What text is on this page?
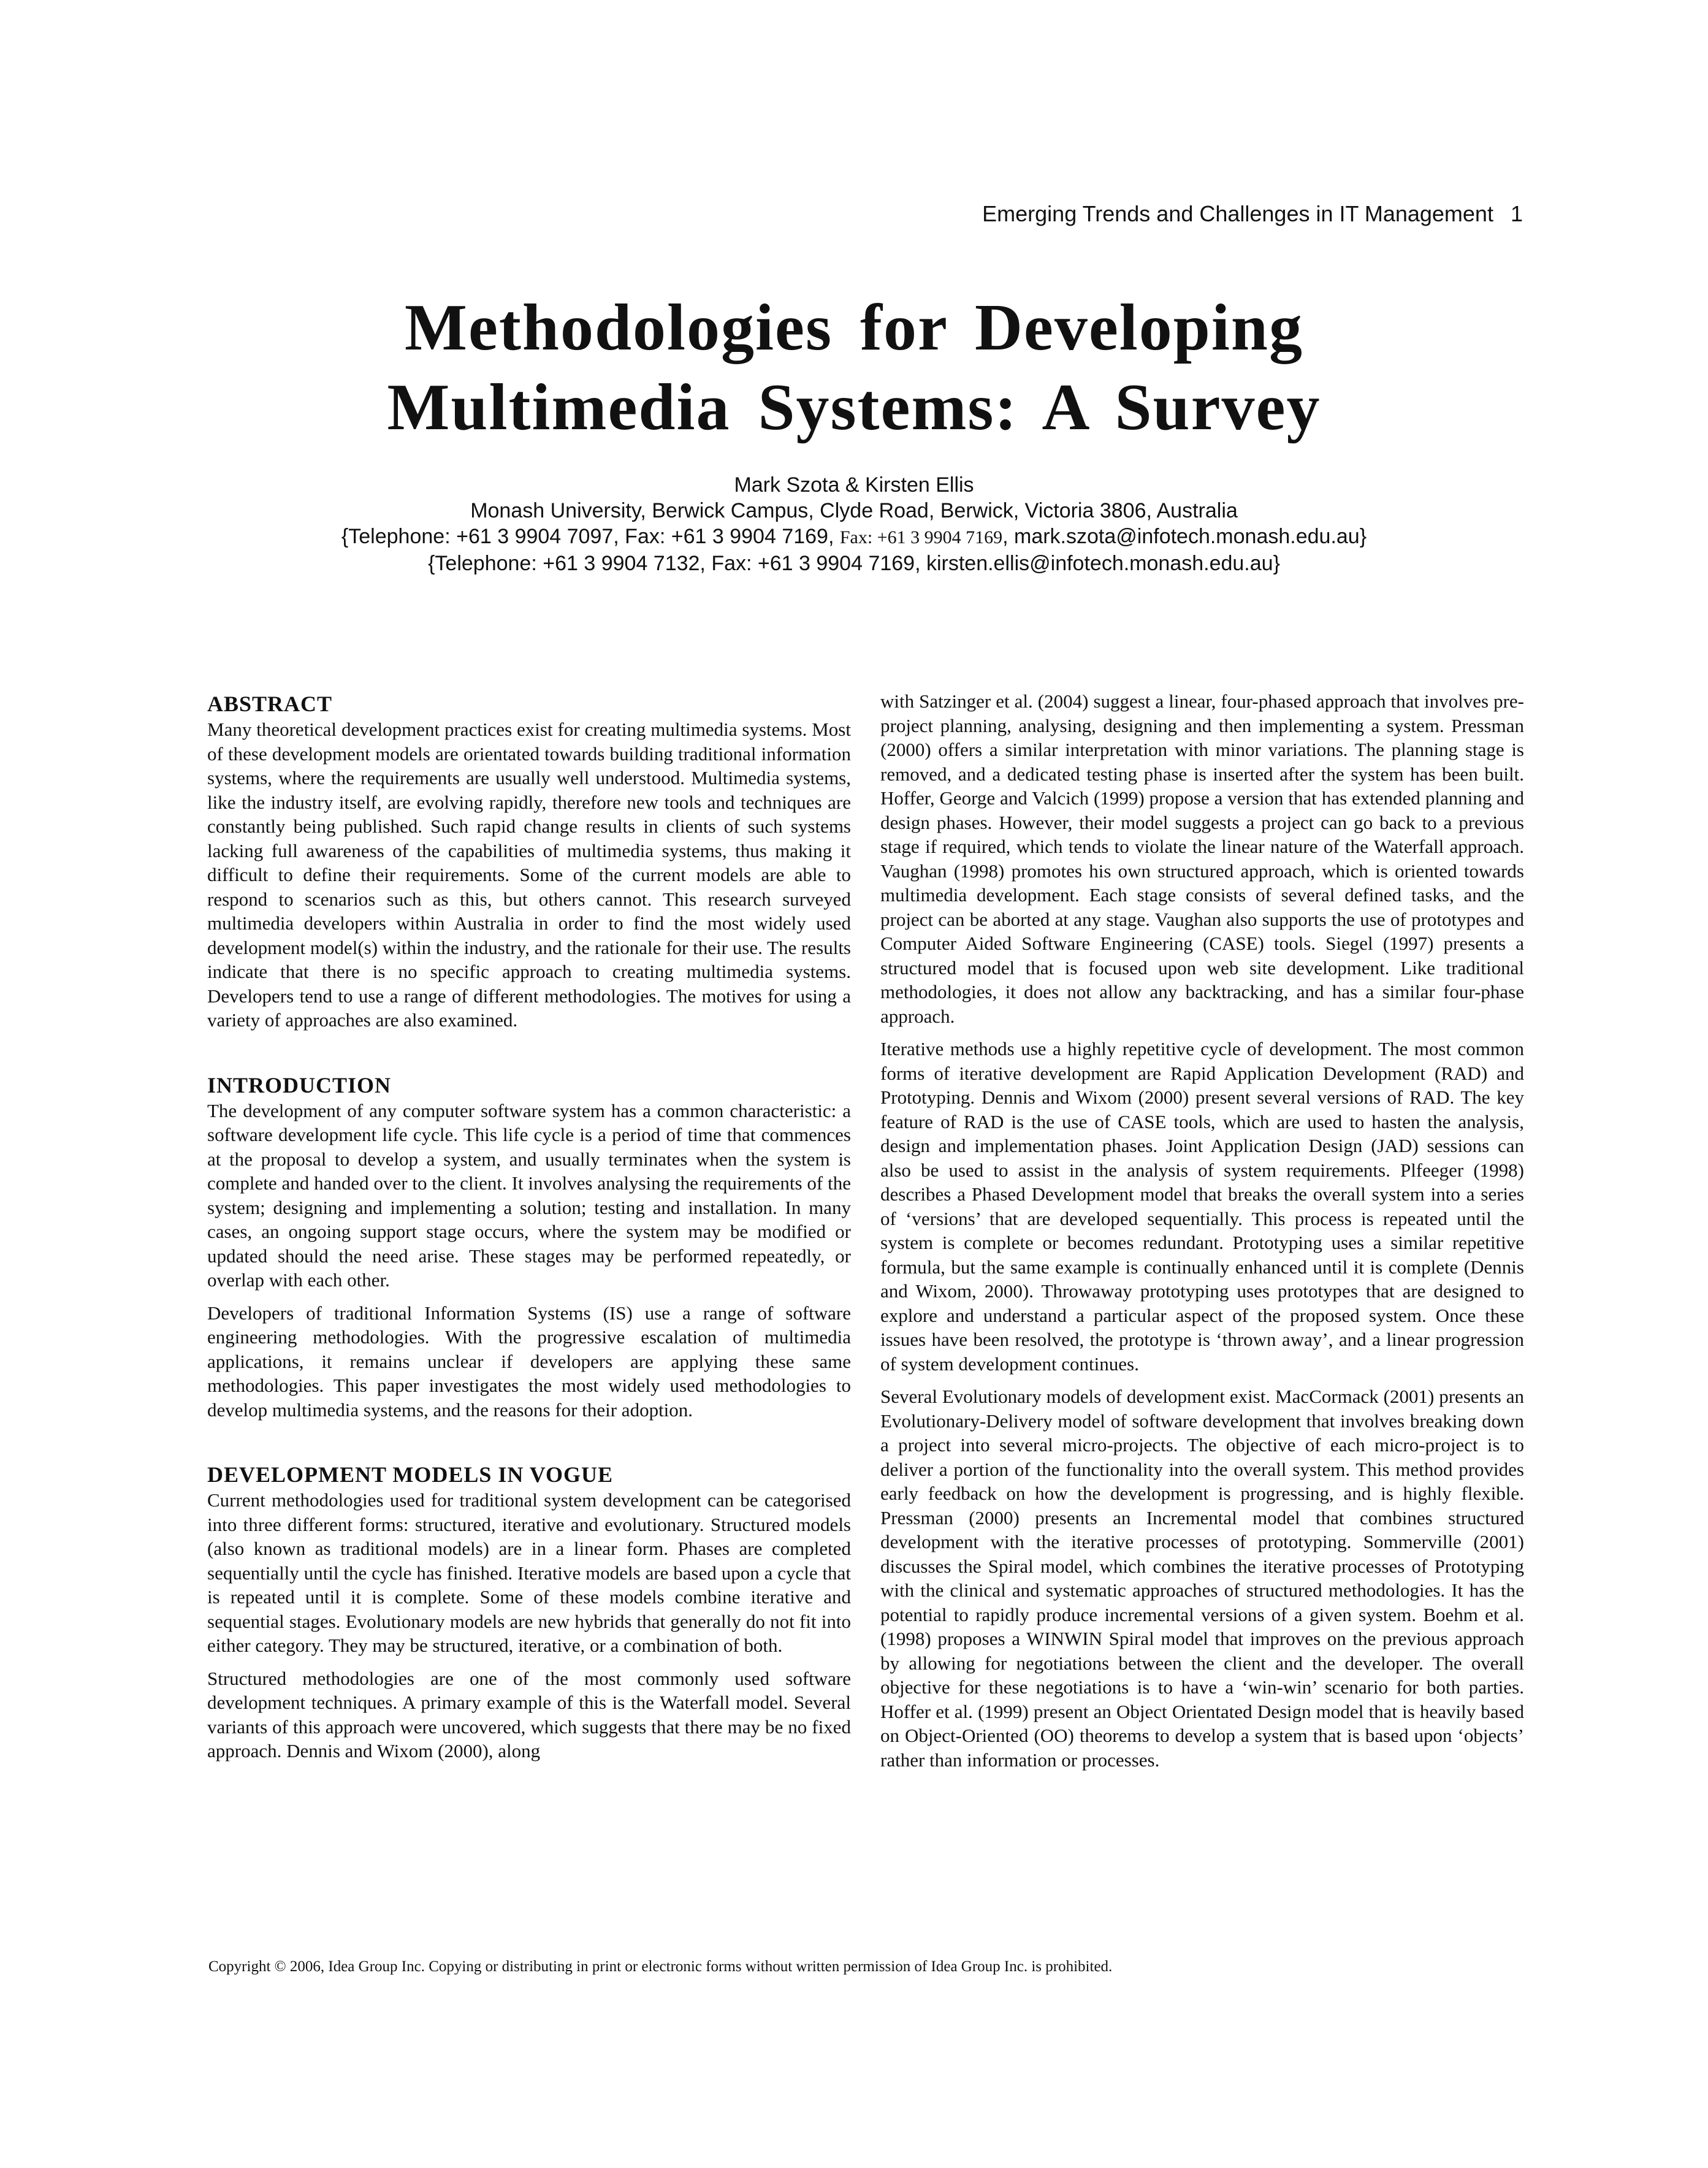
Emerging Trends and Challenges in IT Management 1
Methodologies for Developing
Multimedia Systems: A Survey
Mark Szota & Kirsten Ellis
Monash University, Berwick Campus, Clyde Road, Berwick, Victoria 3806, Australia
{Telephone: +61 3 9904 7097, Fax: +61 3 9904 7169, Fax: +61 3 9904 7169, mark.szota@infotech.monash.edu.au}
{Telephone: +61 3 9904 7132, Fax: +61 3 9904 7169, kirsten.ellis@infotech.monash.edu.au}
ABSTRACT

Many theoretical development practices exist for creating multimedia systems. Most of these development models are orientated towards building traditional information systems, where the requirements are usually well understood. Multimedia systems, like the industry itself, are evolving rapidly, therefore new tools and techniques are constantly being published. Such rapid change results in clients of such systems lacking full awareness of the capabilities of multimedia systems, thus making it difficult to define their requirements. Some of the current models are able to respond to scenarios such as this, but others cannot. This research surveyed multimedia developers within Australia in order to find the most widely used development model(s) within the industry, and the rationale for their use. The results indicate that there is no specific approach to creating multimedia systems. Developers tend to use a range of different methodologies. The motives for using a variety of approaches are also examined.

INTRODUCTION

The development of any computer software system has a common characteristic: a software development life cycle. This life cycle is a period of time that commences at the proposal to develop a system, and usually terminates when the system is complete and handed over to the client. It involves analysing the requirements of the system; designing and implementing a solution; testing and installation. In many cases, an ongoing support stage occurs, where the system may be modified or updated should the need arise. These stages may be performed repeatedly, or overlap with each other.

Developers of traditional Information Systems (IS) use a range of software engineering methodologies. With the progressive escalation of multimedia applications, it remains unclear if developers are applying these same methodologies. This paper investigates the most widely used methodologies to develop multimedia systems, and the reasons for their adoption.

DEVELOPMENT MODELS IN VOGUE

Current methodologies used for traditional system development can be categorised into three different forms: structured, iterative and evolutionary. Structured models (also known as traditional models) are in a linear form. Phases are completed sequentially until the cycle has finished. Iterative models are based upon a cycle that is repeated until it is complete. Some of these models combine iterative and sequential stages. Evolutionary models are new hybrids that generally do not fit into either category. They may be structured, iterative, or a combination of both.

Structured methodologies are one of the most commonly used software development techniques. A primary example of this is the Waterfall model. Several variants of this approach were uncovered, which suggests that there may be no fixed approach. Dennis and Wixom (2000), along

with Satzinger et al. (2004) suggest a linear, four-phased approach that involves pre-project planning, analysing, designing and then implementing a system. Pressman (2000) offers a similar interpretation with minor variations. The planning stage is removed, and a dedicated testing phase is inserted after the system has been built. Hoffer, George and Valcich (1999) propose a version that has extended planning and design phases. However, their model suggests a project can go back to a previous stage if required, which tends to violate the linear nature of the Waterfall approach. Vaughan (1998) promotes his own structured approach, which is oriented towards multimedia development. Each stage consists of several defined tasks, and the project can be aborted at any stage. Vaughan also supports the use of prototypes and Computer Aided Software Engineering (CASE) tools. Siegel (1997) presents a structured model that is focused upon web site development. Like traditional methodologies, it does not allow any backtracking, and has a similar four-phase approach.

Iterative methods use a highly repetitive cycle of development. The most common forms of iterative development are Rapid Application Development (RAD) and Prototyping. Dennis and Wixom (2000) present several versions of RAD. The key feature of RAD is the use of CASE tools, which are used to hasten the analysis, design and implementation phases. Joint Application Design (JAD) sessions can also be used to assist in the analysis of system requirements. Plfeeger (1998) describes a Phased Development model that breaks the overall system into a series of ‘versions’ that are developed sequentially. This process is repeated until the system is complete or becomes redundant. Prototyping uses a similar repetitive formula, but the same example is continually enhanced until it is complete (Dennis and Wixom, 2000). Throwaway prototyping uses prototypes that are designed to explore and understand a particular aspect of the proposed system. Once these issues have been resolved, the prototype is ‘thrown away’, and a linear progression of system development continues.

Several Evolutionary models of development exist. MacCormack (2001) presents an Evolutionary-Delivery model of software development that involves breaking down a project into several micro-projects. The objective of each micro-project is to deliver a portion of the functionality into the overall system. This method provides early feedback on how the development is progressing, and is highly flexible. Pressman (2000) presents an Incremental model that combines structured development with the iterative processes of prototyping. Sommerville (2001) discusses the Spiral model, which combines the iterative processes of Prototyping with the clinical and systematic approaches of structured methodologies. It has the potential to rapidly produce incremental versions of a given system. Boehm et al. (1998) proposes a WINWIN Spiral model that improves on the previous approach by allowing for negotiations between the client and the developer. The overall objective for these negotiations is to have a ‘win-win’ scenario for both parties. Hoffer et al. (1999) present an Object Orientated Design model that is heavily based on Object-Oriented (OO) theorems to develop a system that is based upon ‘objects’ rather than information or processes.

Copyright © 2006, Idea Group Inc. Copying or distributing in print or electronic forms without written permission of Idea Group Inc. is prohibited.
